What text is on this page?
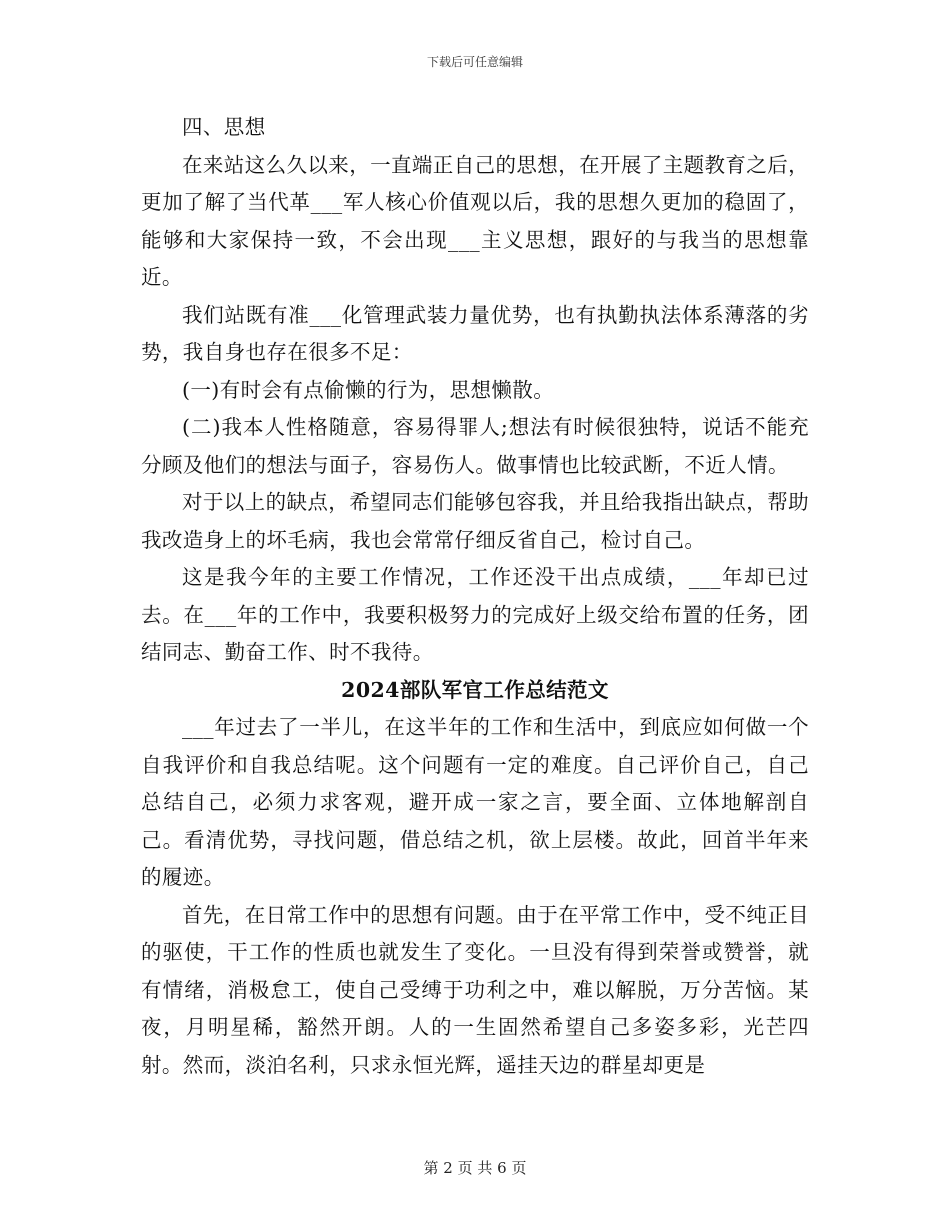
下载后可任意编辑

四、思想

在来站这么久以来，一直端正自己的思想，在开展了主题教育之后，更加了解了当代革___军人核心价值观以后，我的思想久更加的稳固了，能够和大家保持一致，不会出现___主义思想，跟好的与我当的思想靠近。

我们站既有准___化管理武装力量优势，也有执勤执法体系薄落的劣势，我自身也存在很多不足：

(一)有时会有点偷懒的行为，思想懒散。

(二)我本人性格随意，容易得罪人;想法有时候很独特，说话不能充分顾及他们的想法与面子，容易伤人。做事情也比较武断，不近人情。

对于以上的缺点，希望同志们能够包容我，并且给我指出缺点，帮助我改造身上的坏毛病，我也会常常仔细反省自己，检讨自己。

这是我今年的主要工作情况，工作还没干出点成绩，___年却已过去。在___年的工作中，我要积极努力的完成好上级交给布置的任务，团结同志、勤奋工作、时不我待。

2024部队军官工作总结范文

___年过去了一半儿，在这半年的工作和生活中，到底应如何做一个自我评价和自我总结呢。这个问题有一定的难度。自己评价自己，自己总结自己，必须力求客观，避开成一家之言，要全面、立体地解剖自己。看清优势，寻找问题，借总结之机，欲上层楼。故此，回首半年来的履迹。

首先，在日常工作中的思想有问题。由于在平常工作中，受不纯正目的驱使，干工作的性质也就发生了变化。一旦没有得到荣誉或赞誉，就有情绪，消极怠工，使自己受缚于功利之中，难以解脱，万分苦恼。某夜，月明星稀，豁然开朗。人的一生固然希望自己多姿多彩，光芒四射。然而，淡泊名利，只求永恒光辉，遥挂天边的群星却更是

第 2 页 共 6 页
